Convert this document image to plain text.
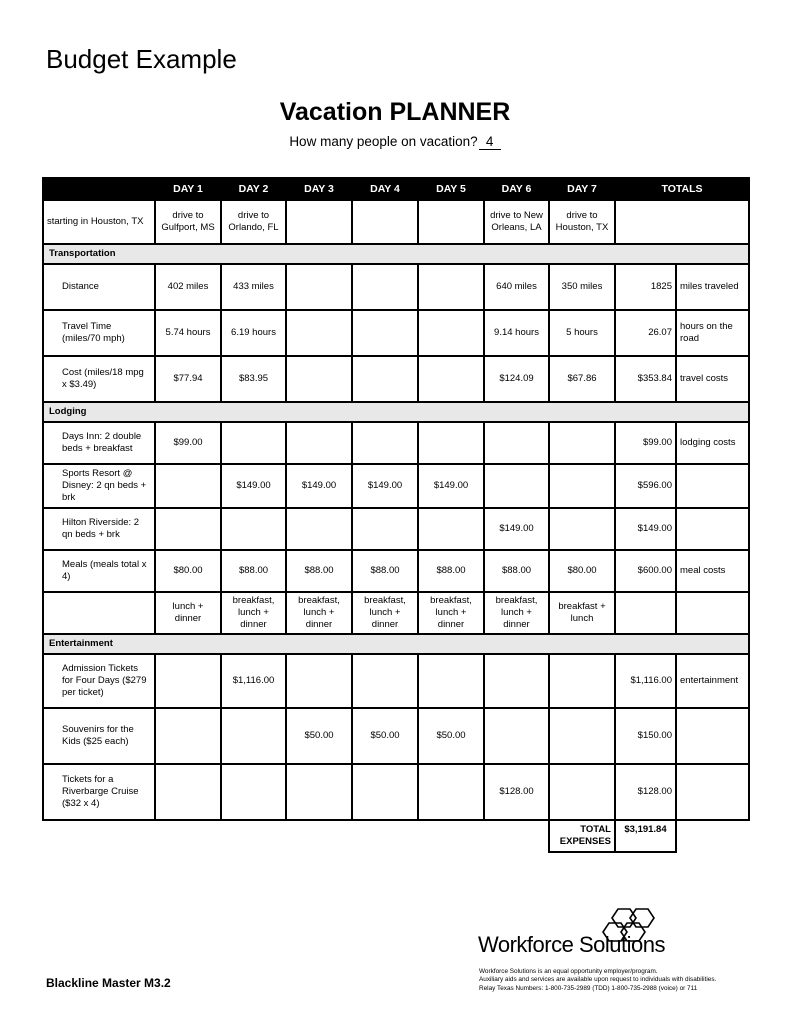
Budget Example
Vacation PLANNER
How many people on vacation? 4
	DAY 1	DAY 2	DAY 3	DAY 4	DAY 5	DAY 6	DAY 7	TOTALS	
starting in Houston, TX	drive to Gulfport, MS	drive to Orlando, FL				drive to New Orleans, LA	drive to Houston, TX		
Transportation									
Distance	402 miles	433 miles				640 miles	350 miles	1825	miles traveled
Travel Time (miles/70 mph)	5.74 hours	6.19 hours				9.14 hours	5 hours	26.07	hours on the road
Cost (miles/18 mpg x $3.49)	$77.94	$83.95				$124.09	$67.86	$353.84	travel costs
Lodging									
Days Inn: 2 double beds + breakfast	$99.00							$99.00	lodging costs
Sports Resort @ Disney: 2 qn beds + brk		$149.00	$149.00	$149.00	$149.00			$596.00	
Hilton Riverside: 2 qn beds + brk						$149.00		$149.00	
Meals (meals total x 4)	$80.00	$88.00	$88.00	$88.00	$88.00	$88.00	$80.00	$600.00	meal costs
	lunch + dinner	breakfast, lunch + dinner	breakfast, lunch + dinner	breakfast, lunch + dinner	breakfast, lunch + dinner	breakfast, lunch + dinner	breakfast + lunch		
Entertainment									
Admission Tickets for Four Days ($279 per ticket)		$1,116.00						$1,116.00	entertainment
Souvenirs for the Kids ($25 each)			$50.00	$50.00	$50.00			$150.00	
Tickets for a Riverbarge Cruise ($32 x 4)						$128.00		$128.00	
							TOTAL EXPENSES	$3,191.84	
Blackline Master M3.2
Workforce Solutions
Workforce Solutions is an equal opportunity employer/program.
Auxiliary aids and services are available upon request to individuals with disabilities.
Relay Texas Numbers: 1-800-735-2989 (TDD) 1-800-735-2988 (voice) or 711
